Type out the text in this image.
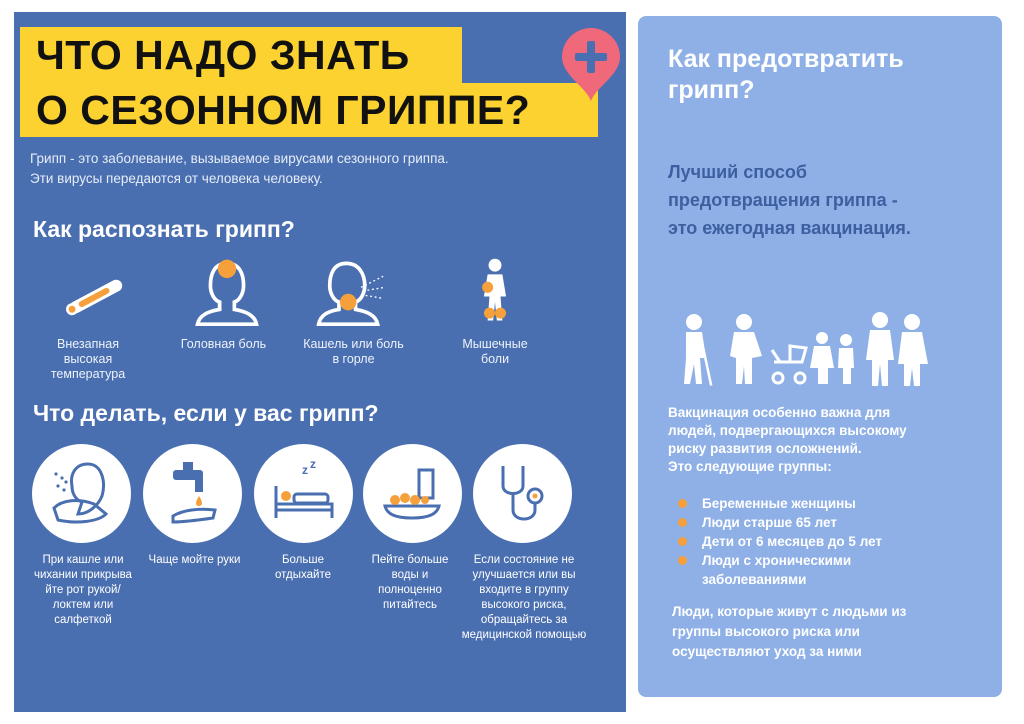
ЧТО НАДО ЗНАТЬ
О СЕЗОННОМ ГРИППЕ?
Грипп - это заболевание, вызываемое вирусами сезонного гриппа.
Эти вирусы передаются от человека человеку.
Как распознать грипп?
Внезапная
высокая
температура
Головная боль	Кашель или боль
в горле
Мышечные
боли
Что делать, если у вас грипп?
z z
При кашле или
чихании прикрыва
йте рот рукой/
локтем или
салфеткой
Чаще мойте руки	Больше
отдыхайте
Пейте больше
воды и
полноценно
питайтесь
Если состояние не
улучшается или вы
входите в группу
высокого риска,
обращайтесь за
медицинской помощью
Как предотвратить
грипп?
Лучший способ
предотвращения гриппа -
это ежегодная вакцинация.
Вакцинация особенно важна для
людей, подвергающихся высокому
риску развития осложнений.
Это следующие группы:
Беременные женщины
Люди старше 65 лет
Дети от 6 месяцев до 5 лет
Люди с хроническими
заболеваниями
Люди, которые живут с людьми из
группы высокого риска или
осуществляют уход за ними
